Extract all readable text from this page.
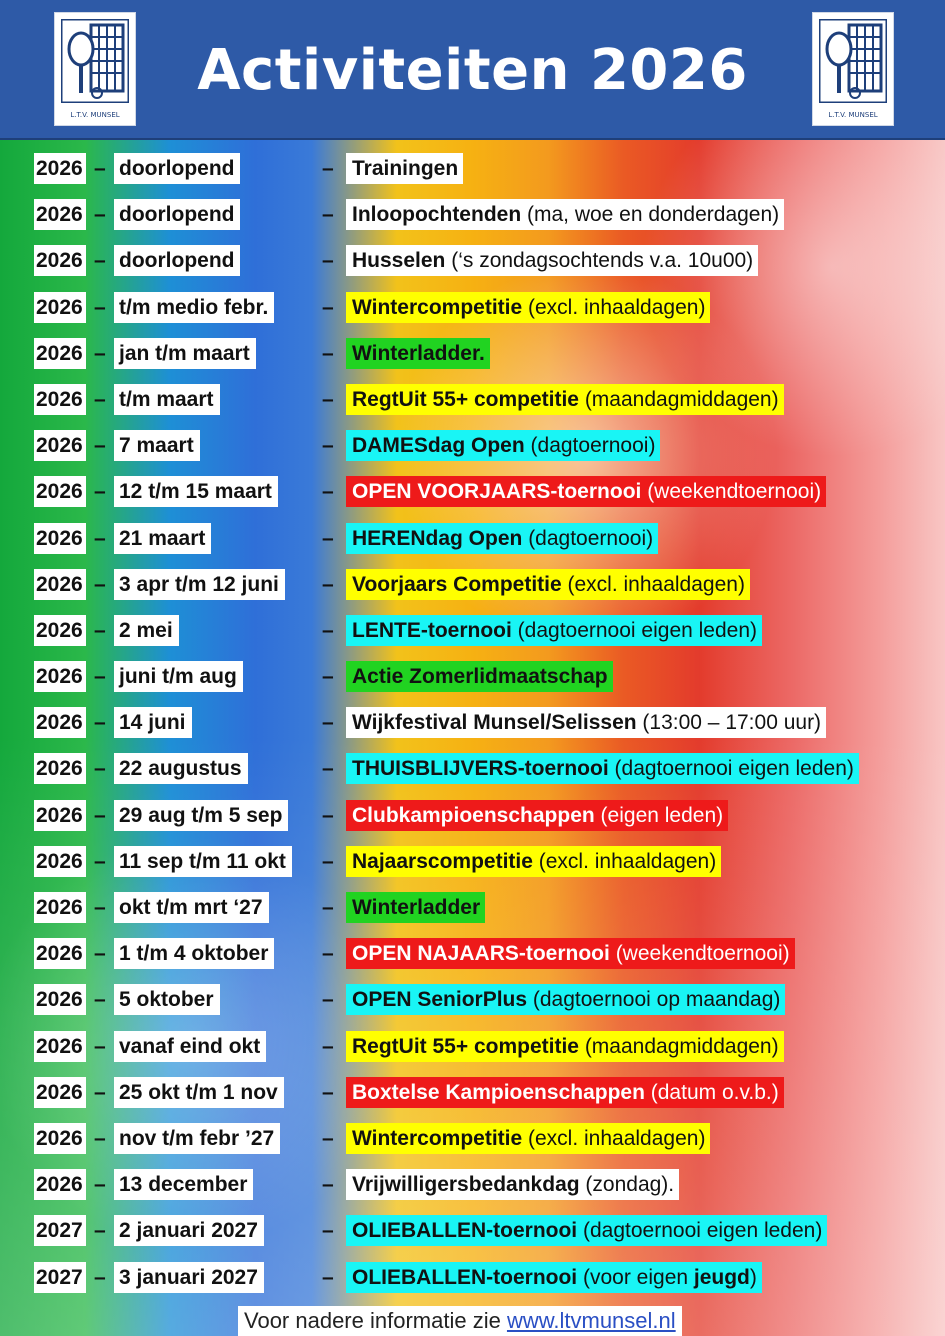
L.T.V. MUNSEL
Activiteiten 2026
L.T.V. MUNSEL
2026 – doorlopend	– Trainingen
2026 – doorlopend	– Inloopochtenden (ma, woe en donderdagen)
2026 – doorlopend	– Husselen (‘s zondagsochtends v.a. 10u00)
2026 – t/m medio febr.	– Wintercompetitie (excl. inhaaldagen)
2026 – jan t/m maart	– Winterladder.
2026 – t/m maart	– RegtUit 55+ competitie (maandagmiddagen)
2026 – 7 maart	– DAMESdag Open (dagtoernooi)
2026 – 12 t/m 15 maart – OPEN VOORJAARS-toernooi (weekendtoernooi)
2026 – 21 maart	– HERENdag Open (dagtoernooi)
2026 – 3 apr t/m 12 juni – Voorjaars Competitie (excl. inhaaldagen)
2026 – 2 mei	– LENTE-toernooi (dagtoernooi eigen leden)
2026 – juni t/m aug	– Actie Zomerlidmaatschap
2026 – 14 juni	– Wijkfestival Munsel/Selissen (13:00 – 17:00 uur)
2026 – 22 augustus	– THUISBLIJVERS-toernooi (dagtoernooi eigen leden)
2026 – 29 aug t/m 5 sep – Clubkampioenschappen (eigen leden)
2026 – 11 sep t/m 11 okt – Najaarscompetitie (excl. inhaaldagen)
2026 – okt t/m mrt ‘27	– Winterladder
2026 – 1 t/m 4 oktober	– OPEN NAJAARS-toernooi (weekendtoernooi)
2026 – 5 oktober	– OPEN SeniorPlus (dagtoernooi op maandag)
2026 – vanaf eind okt	– RegtUit 55+ competitie (maandagmiddagen)
2026 – 25 okt t/m 1 nov – Boxtelse Kampioenschappen (datum o.v.b.)
2026 – nov t/m febr ’27 – Wintercompetitie (excl. inhaaldagen)
2026 – 13 december	– Vrijwilligersbedankdag (zondag).
2027 – 2 januari 2027	– OLIEBALLEN-toernooi (dagtoernooi eigen leden)
2027 – 3 januari 2027	– OLIEBALLEN-toernooi (voor eigen jeugd)
Voor nadere informatie zie www.ltvmunsel.nl
